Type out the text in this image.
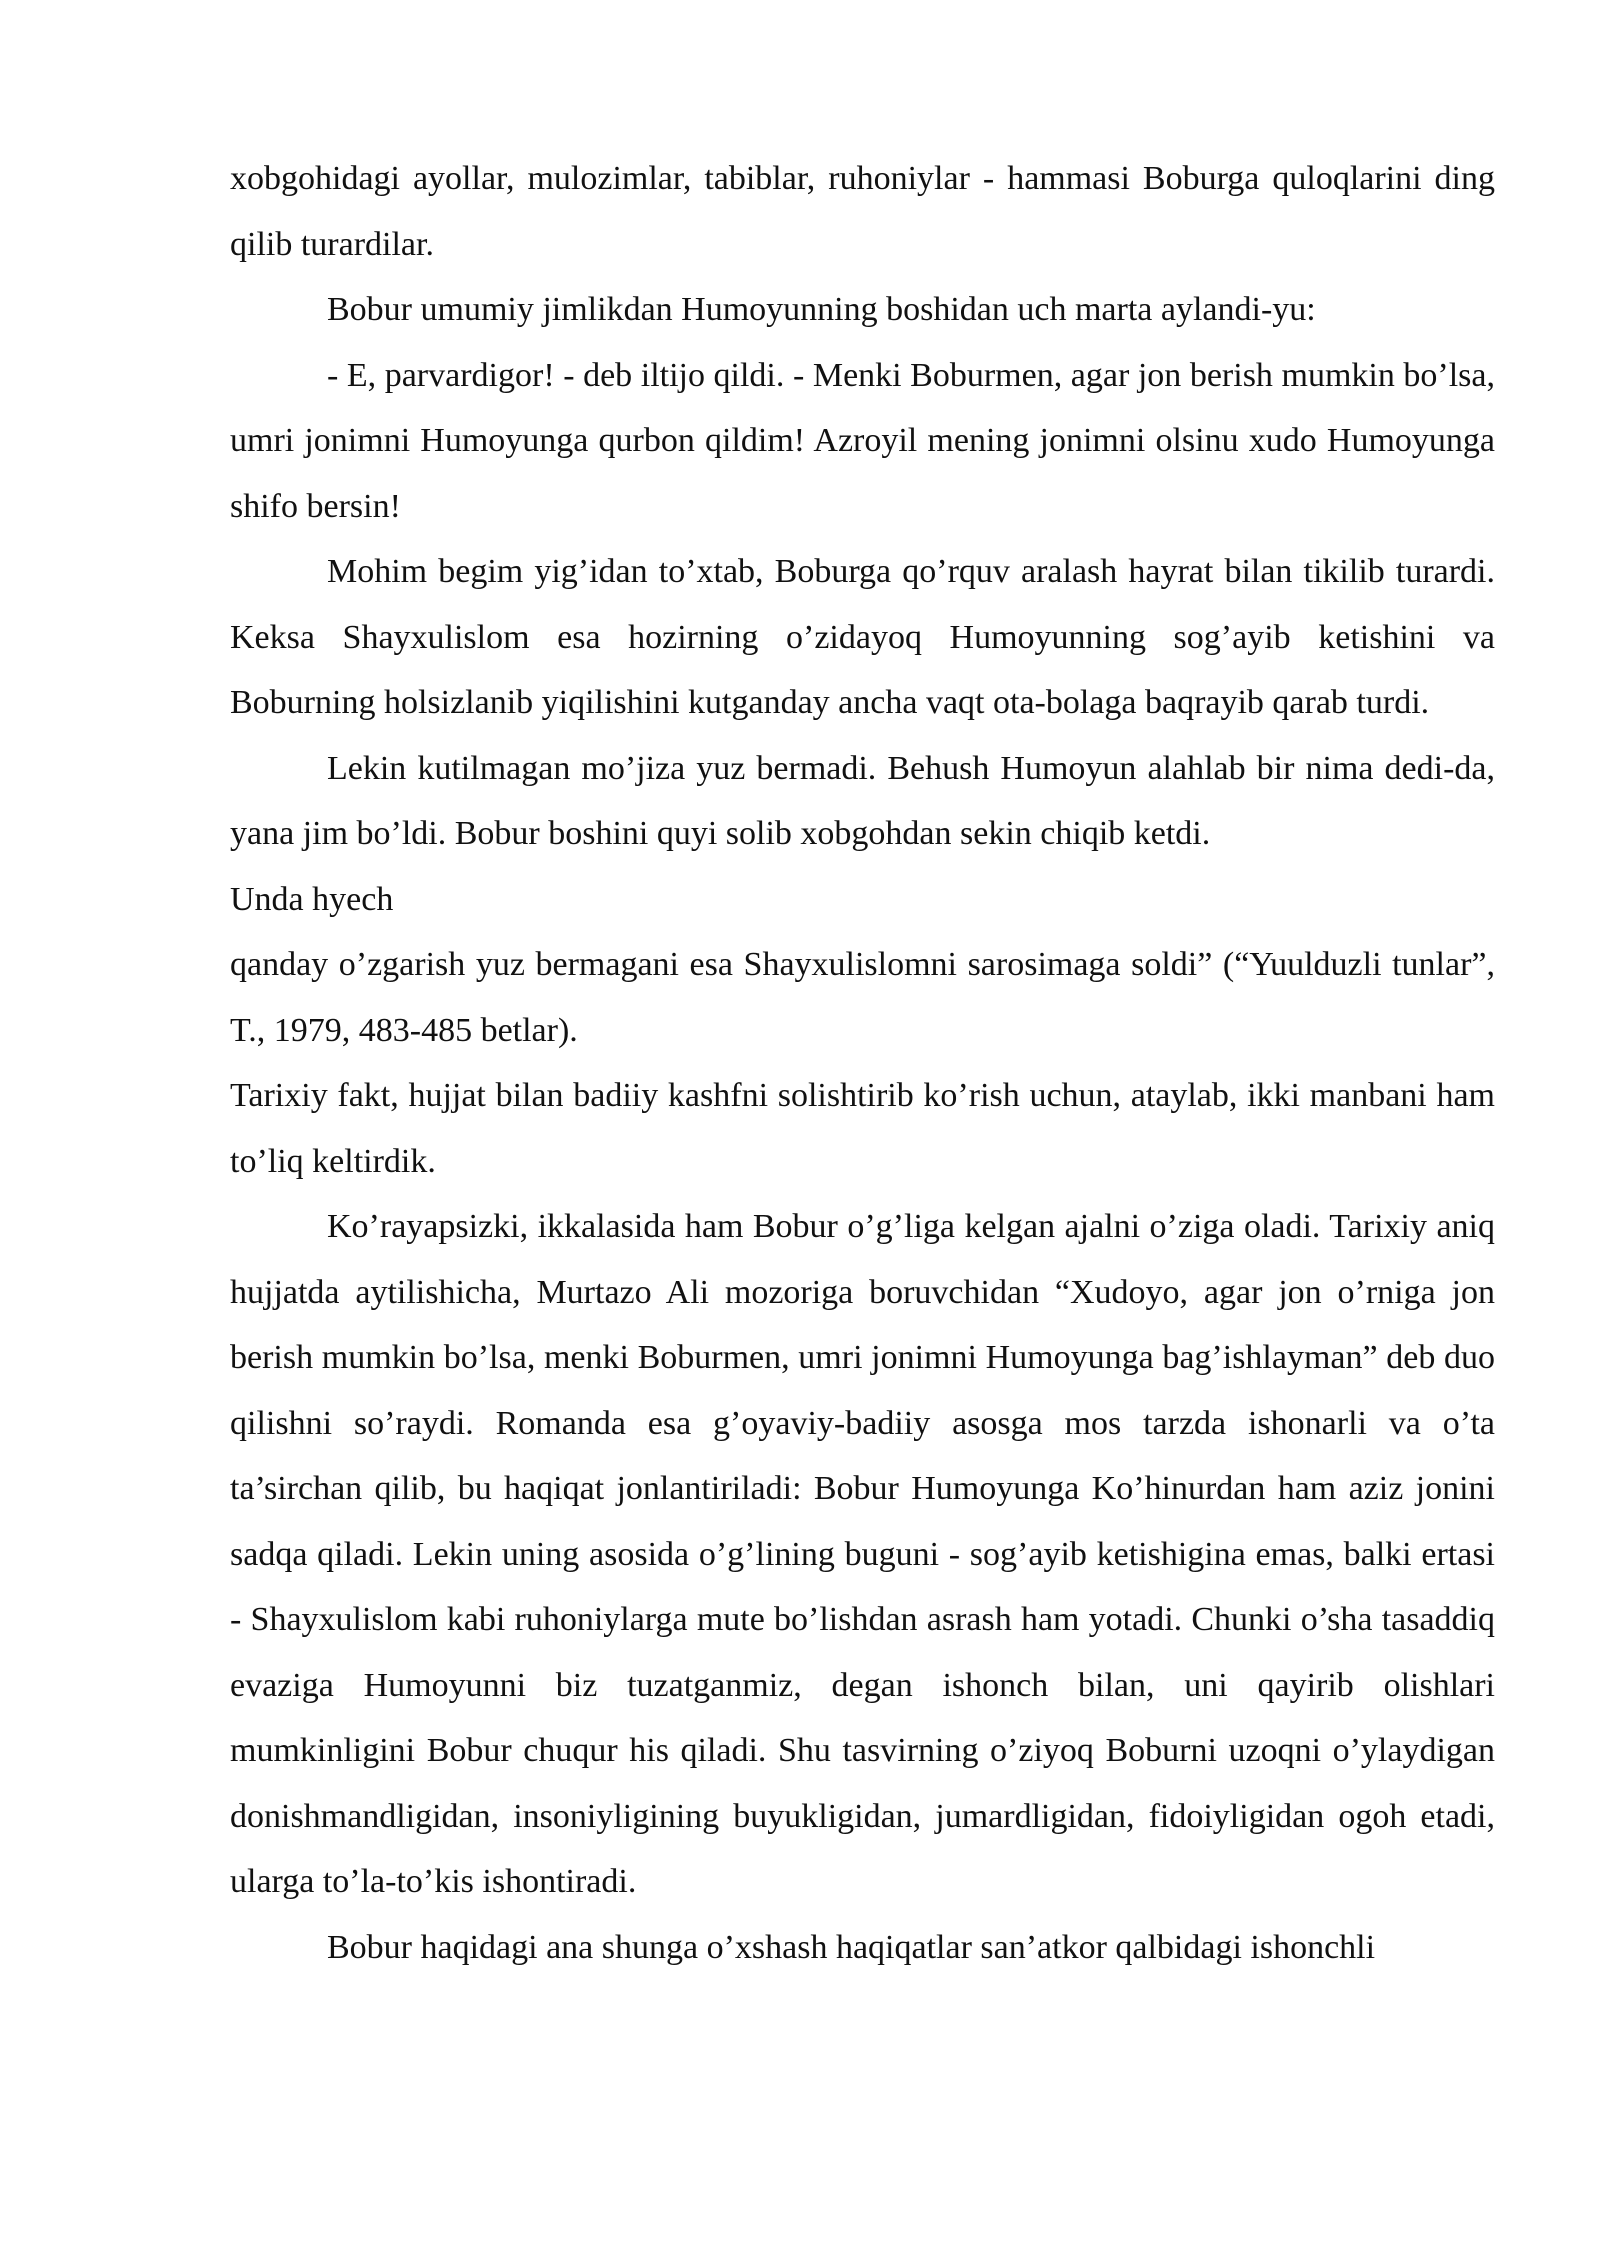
xobgohidagi ayollar, mulozimlar, tabiblar, ruhoniylar - hammasi Boburga quloqlarini ding qilib turardilar.

Bobur umumiy jimlikdan Humoyunning boshidan uch marta aylandi-yu:

- E, parvardigor! - deb iltijo qildi. - Menki Boburmen, agar jon berish mumkin bo’lsa, umri jonimni Humoyunga qurbon qildim! Azroyil mening jonimni olsinu xudo Humoyunga shifo bersin!

Mohim begim yig’idan to’xtab, Boburga qo’rquv aralash hayrat bilan tikilib turardi. Keksa Shayxulislom esa hozirning o’zidayoq Humoyunning sog’ayib ketishini va Boburning holsizlanib yiqilishini kutganday ancha vaqt ota-bolaga baqrayib qarab turdi.

Lekin kutilmagan mo’jiza yuz bermadi. Behush Humoyun alahlab bir nima dedi-da, yana jim bo’ldi. Bobur boshini quyi solib xobgohdan sekin chiqib ketdi.

Unda hyech

qanday o’zgarish yuz bermagani esa Shayxulislomni sarosimaga soldi” (“Yuulduzli tunlar”, T., 1979, 483-485 betlar).

Tarixiy fakt, hujjat bilan badiiy kashfni solishtirib ko’rish uchun, ataylab, ikki manbani ham to’liq keltirdik.

Ko’rayapsizki, ikkalasida ham Bobur o’g’liga kelgan ajalni o’ziga oladi. Tarixiy aniq hujjatda aytilishicha, Murtazo Ali mozoriga boruvchidan “Xudoyo, agar jon o’rniga jon berish mumkin bo’lsa, menki Boburmen, umri jonimni Humoyunga bag’ishlayman” deb duo qilishni so’raydi. Romanda esa g’oyaviy-badiiy asosga mos tarzda ishonarli va o’ta ta’sirchan qilib, bu haqiqat jonlantiriladi: Bobur Humoyunga Ko’hinurdan ham aziz jonini sadqa qiladi. Lekin uning asosida o’g’lining buguni - sog’ayib ketishigina emas, balki ertasi - Shayxulislom kabi ruhoniylarga mute bo’lishdan asrash ham yotadi. Chunki o’sha tasaddiq evaziga Humoyunni biz tuzatganmiz, degan ishonch bilan, uni qayirib olishlari mumkinligini Bobur chuqur his qiladi. Shu tasvirning o’ziyoq Boburni uzoqni o’ylaydigan donishmandligidan, insoniyligining buyukligidan, jumardligidan, fidoiyligidan ogoh etadi, ularga to’la-to’kis ishontiradi.

Bobur haqidagi ana shunga o’xshash haqiqatlar san’atkor qalbidagi ishonchli
